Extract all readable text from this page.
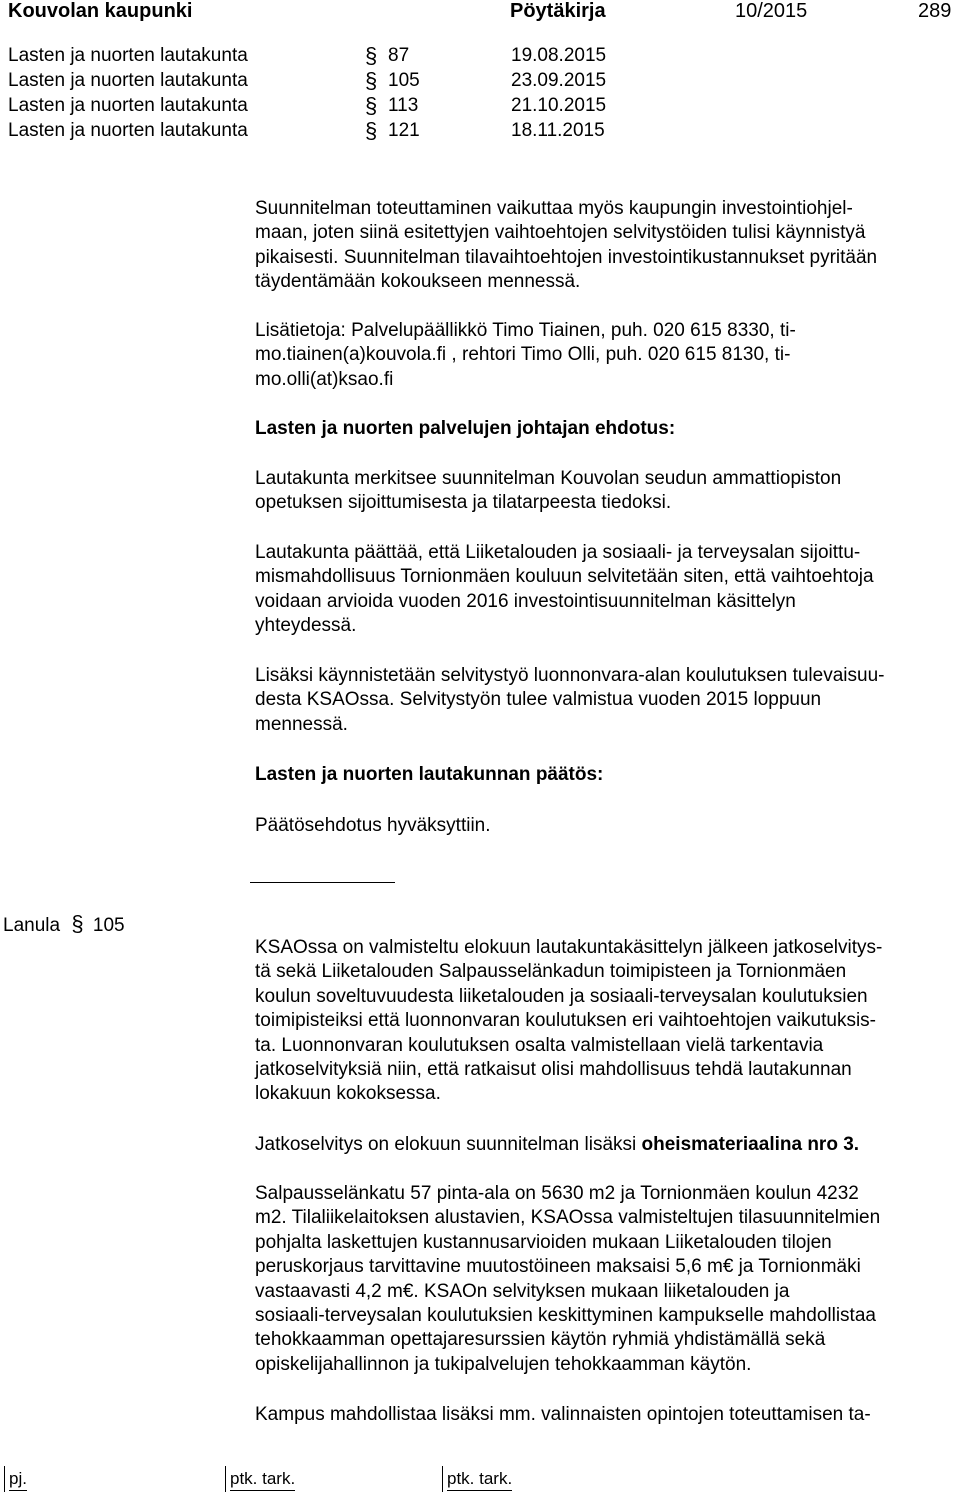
Kouvolan kaupunki	Pöytäkirja	10/2015	289
Lasten ja nuorten lautakunta	§ 87	19.08.2015
Lasten ja nuorten lautakunta	§ 105	23.09.2015
Lasten ja nuorten lautakunta	§ 113	21.10.2015
Lasten ja nuorten lautakunta	§ 121	18.11.2015

Suunnitelman toteuttaminen vaikuttaa myös kaupungin investointiohjel-

maan, joten siinä esitettyjen vaihtoehtojen selvitystöiden tulisi käynnistyä

pikaisesti. Suunnitelman tilavaihtoehtojen investointikustannukset pyritään

täydentämään kokoukseen mennessä.

Lisätietoja: Palvelupäällikkö Timo Tiainen, puh. 020 615 8330, ti-

mo.tiainen(a)kouvola.fi , rehtori Timo Olli, puh. 020 615 8130, ti-

mo.olli(at)ksao.fi

Lasten ja nuorten palvelujen johtajan ehdotus:

Lautakunta merkitsee suunnitelman Kouvolan seudun ammattiopiston

opetuksen sijoittumisesta ja tilatarpeesta tiedoksi.

Lautakunta päättää, että Liiketalouden ja sosiaali- ja terveysalan sijoittu-

mismahdollisuus Tornionmäen kouluun selvitetään siten, että vaihtoehtoja

voidaan arvioida vuoden 2016 investointisuunnitelman käsittelyn

yhteydessä.

Lisäksi käynnistetään selvitystyö luonnonvara-alan koulutuksen tulevaisuu-

desta KSAOssa. Selvitystyön tulee valmistua vuoden 2015 loppuun

mennessä.

Lasten ja nuorten lautakunnan päätös:

Päätösehdotus hyväksyttiin.

Lanula § 105

KSAOssa on valmisteltu elokuun lautakuntakäsittelyn jälkeen jatkoselvitys-

tä sekä Liiketalouden Salpausselänkadun toimipisteen ja Tornionmäen

koulun soveltuvuudesta liiketalouden ja sosiaali-terveysalan koulutuksien

toimipisteiksi että luonnonvaran koulutuksen eri vaihtoehtojen vaikutuksis-

ta. Luonnonvaran koulutuksen osalta valmistellaan vielä tarkentavia

jatkoselvityksiä niin, että ratkaisut olisi mahdollisuus tehdä lautakunnan

lokakuun kokoksessa.

Jatkoselvitys on elokuun suunnitelman lisäksi oheismateriaalina nro 3.

Salpausselänkatu 57 pinta-ala on 5630 m2 ja Tornionmäen koulun 4232

m2. Tilaliikelaitoksen alustavien, KSAOssa valmisteltujen tilasuunnitelmien

pohjalta laskettujen kustannusarvioiden mukaan Liiketalouden tilojen

peruskorjaus tarvittavine muutostöineen maksaisi 5,6 m€ ja Tornionmäki

vastaavasti 4,2 m€. KSAOn selvityksen mukaan liiketalouden ja

sosiaali-terveysalan koulutuksien keskittyminen kampukselle mahdollistaa

tehokkaamman opettajaresurssien käytön ryhmiä yhdistämällä sekä

opiskelijahallinnon ja tukipalvelujen tehokkaamman käytön.

Kampus mahdollistaa lisäksi mm. valinnaisten opintojen toteuttamisen ta-

pj.	ptk. tark.	ptk. tark.
